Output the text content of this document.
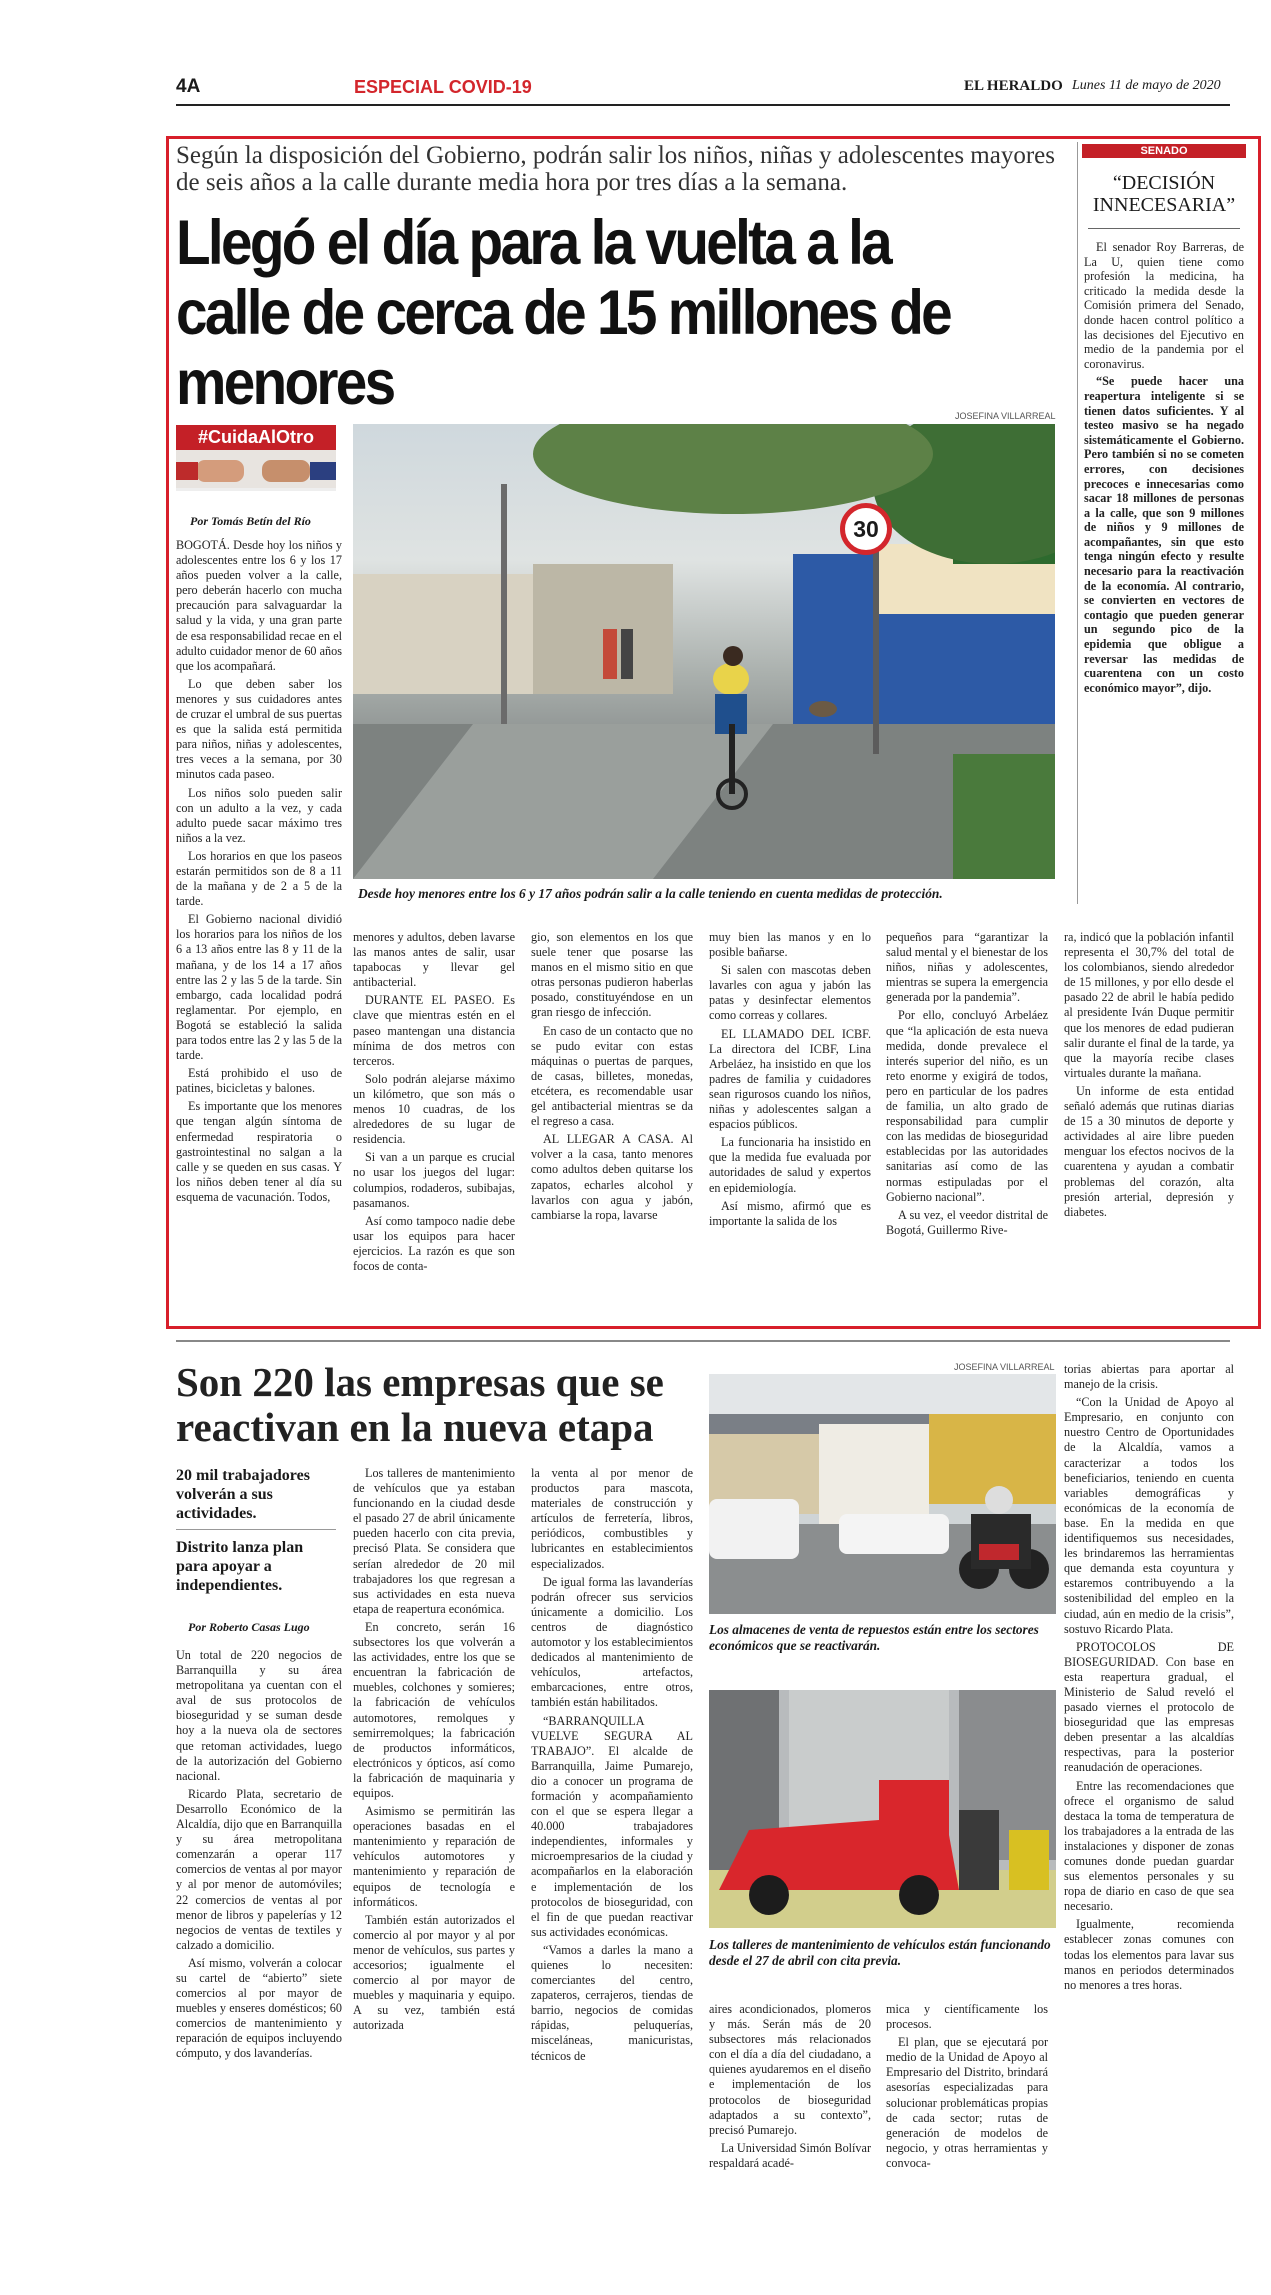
4A	ESPECIAL COVID-19	EL HERALDO Lunes 11 de mayo de 2020
Según la disposición del Gobierno, podrán salir los niños, niñas y adolescentes mayores de seis años a la calle durante media hora por tres días a la semana.
Llegó el día para la vuelta a la calle de cerca de 15 millones de menores
#CuidaAlOtro
Por Tomás Betín del Río
JOSEFINA VILLARREAL
30
Desde hoy menores entre los 6 y 17 años podrán salir a la calle teniendo en cuenta medidas de protección.
SENADO
“DECISIÓN INNECESARIA”

El senador Roy Barreras, de La U, quien tiene como profesión la medicina, ha criticado la medida desde la Comisión primera del Senado, donde hacen control político a las decisiones del Ejecutivo en medio de la pandemia por el coronavirus.

“Se puede hacer una reapertura inteligente si se tienen datos suficientes. Y al testeo masivo se ha negado sistemáticamente el Gobierno. Pero también si no se cometen errores, con decisiones precoces e innecesarias como sacar 18 millones de personas a la calle, que son 9 millones de niños y 9 millones de acompañantes, sin que esto tenga ningún efecto y resulte necesario para la reactivación de la economía. Al contrario, se convierten en vectores de contagio que pueden generar un segundo pico de la epidemia que obligue a reversar las medidas de cuarentena con un costo económico mayor”, dijo.

BOGOTÁ. Desde hoy los niños y adolescentes entre los 6 y los 17 años pueden volver a la calle, pero deberán hacerlo con mucha precaución para salvaguardar la salud y la vida, y una gran parte de esa responsabilidad recae en el adulto cuidador menor de 60 años que los acompañará.

Lo que deben saber los menores y sus cuidadores antes de cruzar el umbral de sus puertas es que la salida está permitida para niños, niñas y adolescentes, tres veces a la semana, por 30 minutos cada paseo.

Los niños solo pueden salir con un adulto a la vez, y cada adulto puede sacar máximo tres niños a la vez.

Los horarios en que los paseos estarán permitidos son de 8 a 11 de la mañana y de 2 a 5 de la tarde.

El Gobierno nacional dividió los horarios para los niños de los 6 a 13 años entre las 8 y 11 de la mañana, y de los 14 a 17 años entre las 2 y las 5 de la tarde. Sin embargo, cada localidad podrá reglamentar. Por ejemplo, en Bogotá se estableció la salida para todos entre las 2 y las 5 de la tarde.

Está prohibido el uso de patines, bicicletas y balones.

Es importante que los menores que tengan algún síntoma de enfermedad respiratoria o gastrointestinal no salgan a la calle y se queden en sus casas. Y los niños deben tener al día su esquema de vacunación. Todos,

menores y adultos, deben lavarse las manos antes de salir, usar tapabocas y llevar gel antibacterial.

DURANTE EL PASEO. Es clave que mientras estén en el paseo mantengan una distancia mínima de dos metros con terceros.

Solo podrán alejarse máximo un kilómetro, que son más o menos 10 cuadras, de los alrededores de su lugar de residencia.

Si van a un parque es crucial no usar los juegos del lugar: columpios, rodaderos, subibajas, pasamanos.

Así como tampoco nadie debe usar los equipos para hacer ejercicios. La razón es que son focos de conta-

gio, son elementos en los que suele tener que posarse las manos en el mismo sitio en que otras personas pudieron haberlas posado, constituyéndose en un gran riesgo de infección.

En caso de un contacto que no se pudo evitar con estas máquinas o puertas de parques, de casas, billetes, monedas, etcétera, es recomendable usar gel antibacterial mientras se da el regreso a casa.

AL LLEGAR A CASA. Al volver a la casa, tanto menores como adultos deben quitarse los zapatos, echarles alcohol y lavarlos con agua y jabón, cambiarse la ropa, lavarse

muy bien las manos y en lo posible bañarse.

Si salen con mascotas deben lavarles con agua y jabón las patas y desinfectar elementos como correas y collares.

EL LLAMADO DEL ICBF. La directora del ICBF, Lina Arbeláez, ha insistido en que los padres de familia y cuidadores sean rigurosos cuando los niños, niñas y adolescentes salgan a espacios públicos.

La funcionaria ha insistido en que la medida fue evaluada por autoridades de salud y expertos en epidemiología.

Así mismo, afirmó que es importante la salida de los

pequeños para “garantizar la salud mental y el bienestar de los niños, niñas y adolescentes, mientras se supera la emergencia generada por la pandemia”.

Por ello, concluyó Arbeláez que “la aplicación de esta nueva medida, donde prevalece el interés superior del niño, es un reto enorme y exigirá de todos, pero en particular de los padres de familia, un alto grado de responsabilidad para cumplir con las medidas de bioseguridad establecidas por las autoridades sanitarias así como de las normas estipuladas por el Gobierno nacional”.

A su vez, el veedor distrital de Bogotá, Guillermo Rive-

ra, indicó que la población infantil representa el 30,7% del total de los colombianos, siendo alrededor de 15 millones, y por ello desde el pasado 22 de abril le había pedido al presidente Iván Duque permitir que los menores de edad pudieran salir durante el final de la tarde, ya que la mayoría recibe clases virtuales durante la mañana.

Un informe de esta entidad señaló además que rutinas diarias de 15 a 30 minutos de deporte y actividades al aire libre pueden menguar los efectos nocivos de la cuarentena y ayudan a combatir problemas del corazón, alta presión arterial, depresión y diabetes.

Son 220 las empresas que se reactivan en la nueva etapa
20 mil trabajadores volverán a sus actividades.
Distrito lanza plan para apoyar a independientes.
Por Roberto Casas Lugo

Un total de 220 negocios de Barranquilla y su área metropolitana ya cuentan con el aval de sus protocolos de bioseguridad y se suman desde hoy a la nueva ola de sectores que retoman actividades, luego de la autorización del Gobierno nacional.

Ricardo Plata, secretario de Desarrollo Económico de la Alcaldía, dijo que en Barranquilla y su área metropolitana comenzarán a operar 117 comercios de ventas al por mayor y al por menor de automóviles; 22 comercios de ventas al por menor de libros y papelerías y 12 negocios de ventas de textiles y calzado a domicilio.

Así mismo, volverán a colocar su cartel de “abierto” siete comercios al por mayor de muebles y enseres domésticos; 60 comercios de mantenimiento y reparación de equipos incluyendo cómputo, y dos lavanderías.

Los talleres de mantenimiento de vehículos que ya estaban funcionando en la ciudad desde el pasado 27 de abril únicamente pueden hacerlo con cita previa, precisó Plata. Se considera que serían alrededor de 20 mil trabajadores los que regresan a sus actividades en esta nueva etapa de reapertura económica.

En concreto, serán 16 subsectores los que volverán a las actividades, entre los que se encuentran la fabricación de muebles, colchones y somieres; la fabricación de vehículos automotores, remolques y semirremolques; la fabricación de productos informáticos, electrónicos y ópticos, así como la fabricación de maquinaria y equipos.

Asimismo se permitirán las operaciones basadas en el mantenimiento y reparación de vehículos automotores y mantenimiento y reparación de equipos de tecnología e informáticos.

También están autorizados el comercio al por mayor y al por menor de vehículos, sus partes y accesorios; igualmente el comercio al por mayor de muebles y maquinaria y equipo. A su vez, también está autorizada

la venta al por menor de productos para mascota, materiales de construcción y artículos de ferretería, libros, periódicos, combustibles y lubricantes en establecimientos especializados.

De igual forma las lavanderías podrán ofrecer sus servicios únicamente a domicilio. Los centros de diagnóstico automotor y los establecimientos dedicados al mantenimiento de vehículos, artefactos, embarcaciones, entre otros, también están habilitados.

“BARRANQUILLA VUELVE SEGURA AL TRABAJO”. El alcalde de Barranquilla, Jaime Pumarejo, dio a conocer un programa de formación y acompañamiento con el que se espera llegar a 40.000 trabajadores independientes, informales y microempresarios de la ciudad y acompañarlos en la elaboración e implementación de los protocolos de bioseguridad, con el fin de que puedan reactivar sus actividades económicas.

“Vamos a darles la mano a quienes lo necesiten: comerciantes del centro, zapateros, cerrajeros, tiendas de barrio, negocios de comidas rápidas, peluquerías, misceláneas, manicuristas, técnicos de

JOSEFINA VILLARREAL
Los almacenes de venta de repuestos están entre los sectores económicos que se reactivarán.
Los talleres de mantenimiento de vehículos están funcionando desde el 27 de abril con cita previa.

aires acondicionados, plomeros y más. Serán más de 20 subsectores más relacionados con el día a día del ciudadano, a quienes ayudaremos en el diseño e implementación de los protocolos de bioseguridad adaptados a su contexto”, precisó Pumarejo.

La Universidad Simón Bolívar respaldará acadé-

mica y científicamente los procesos.

El plan, que se ejecutará por medio de la Unidad de Apoyo al Empresario del Distrito, brindará asesorías especializadas para solucionar problemáticas propias de cada sector; rutas de generación de modelos de negocio, y otras herramientas y convoca-

torias abiertas para aportar al manejo de la crisis.

“Con la Unidad de Apoyo al Empresario, en conjunto con nuestro Centro de Oportunidades de la Alcaldía, vamos a caracterizar a todos los beneficiarios, teniendo en cuenta variables demográficas y económicas de la economía de base. En la medida en que identifiquemos sus necesidades, les brindaremos las herramientas que demanda esta coyuntura y estaremos contribuyendo a la sostenibilidad del empleo en la ciudad, aún en medio de la crisis”, sostuvo Ricardo Plata.

PROTOCOLOS DE BIOSEGURIDAD. Con base en esta reapertura gradual, el Ministerio de Salud reveló el pasado viernes el protocolo de bioseguridad que las empresas deben presentar a las alcaldías respectivas, para la posterior reanudación de operaciones.

Entre las recomendaciones que ofrece el organismo de salud destaca la toma de temperatura de los trabajadores a la entrada de las instalaciones y disponer de zonas comunes donde puedan guardar sus elementos personales y su ropa de diario en caso de que sea necesario.

Igualmente, recomienda establecer zonas comunes con todas los elementos para lavar sus manos en periodos determinados no menores a tres horas.
